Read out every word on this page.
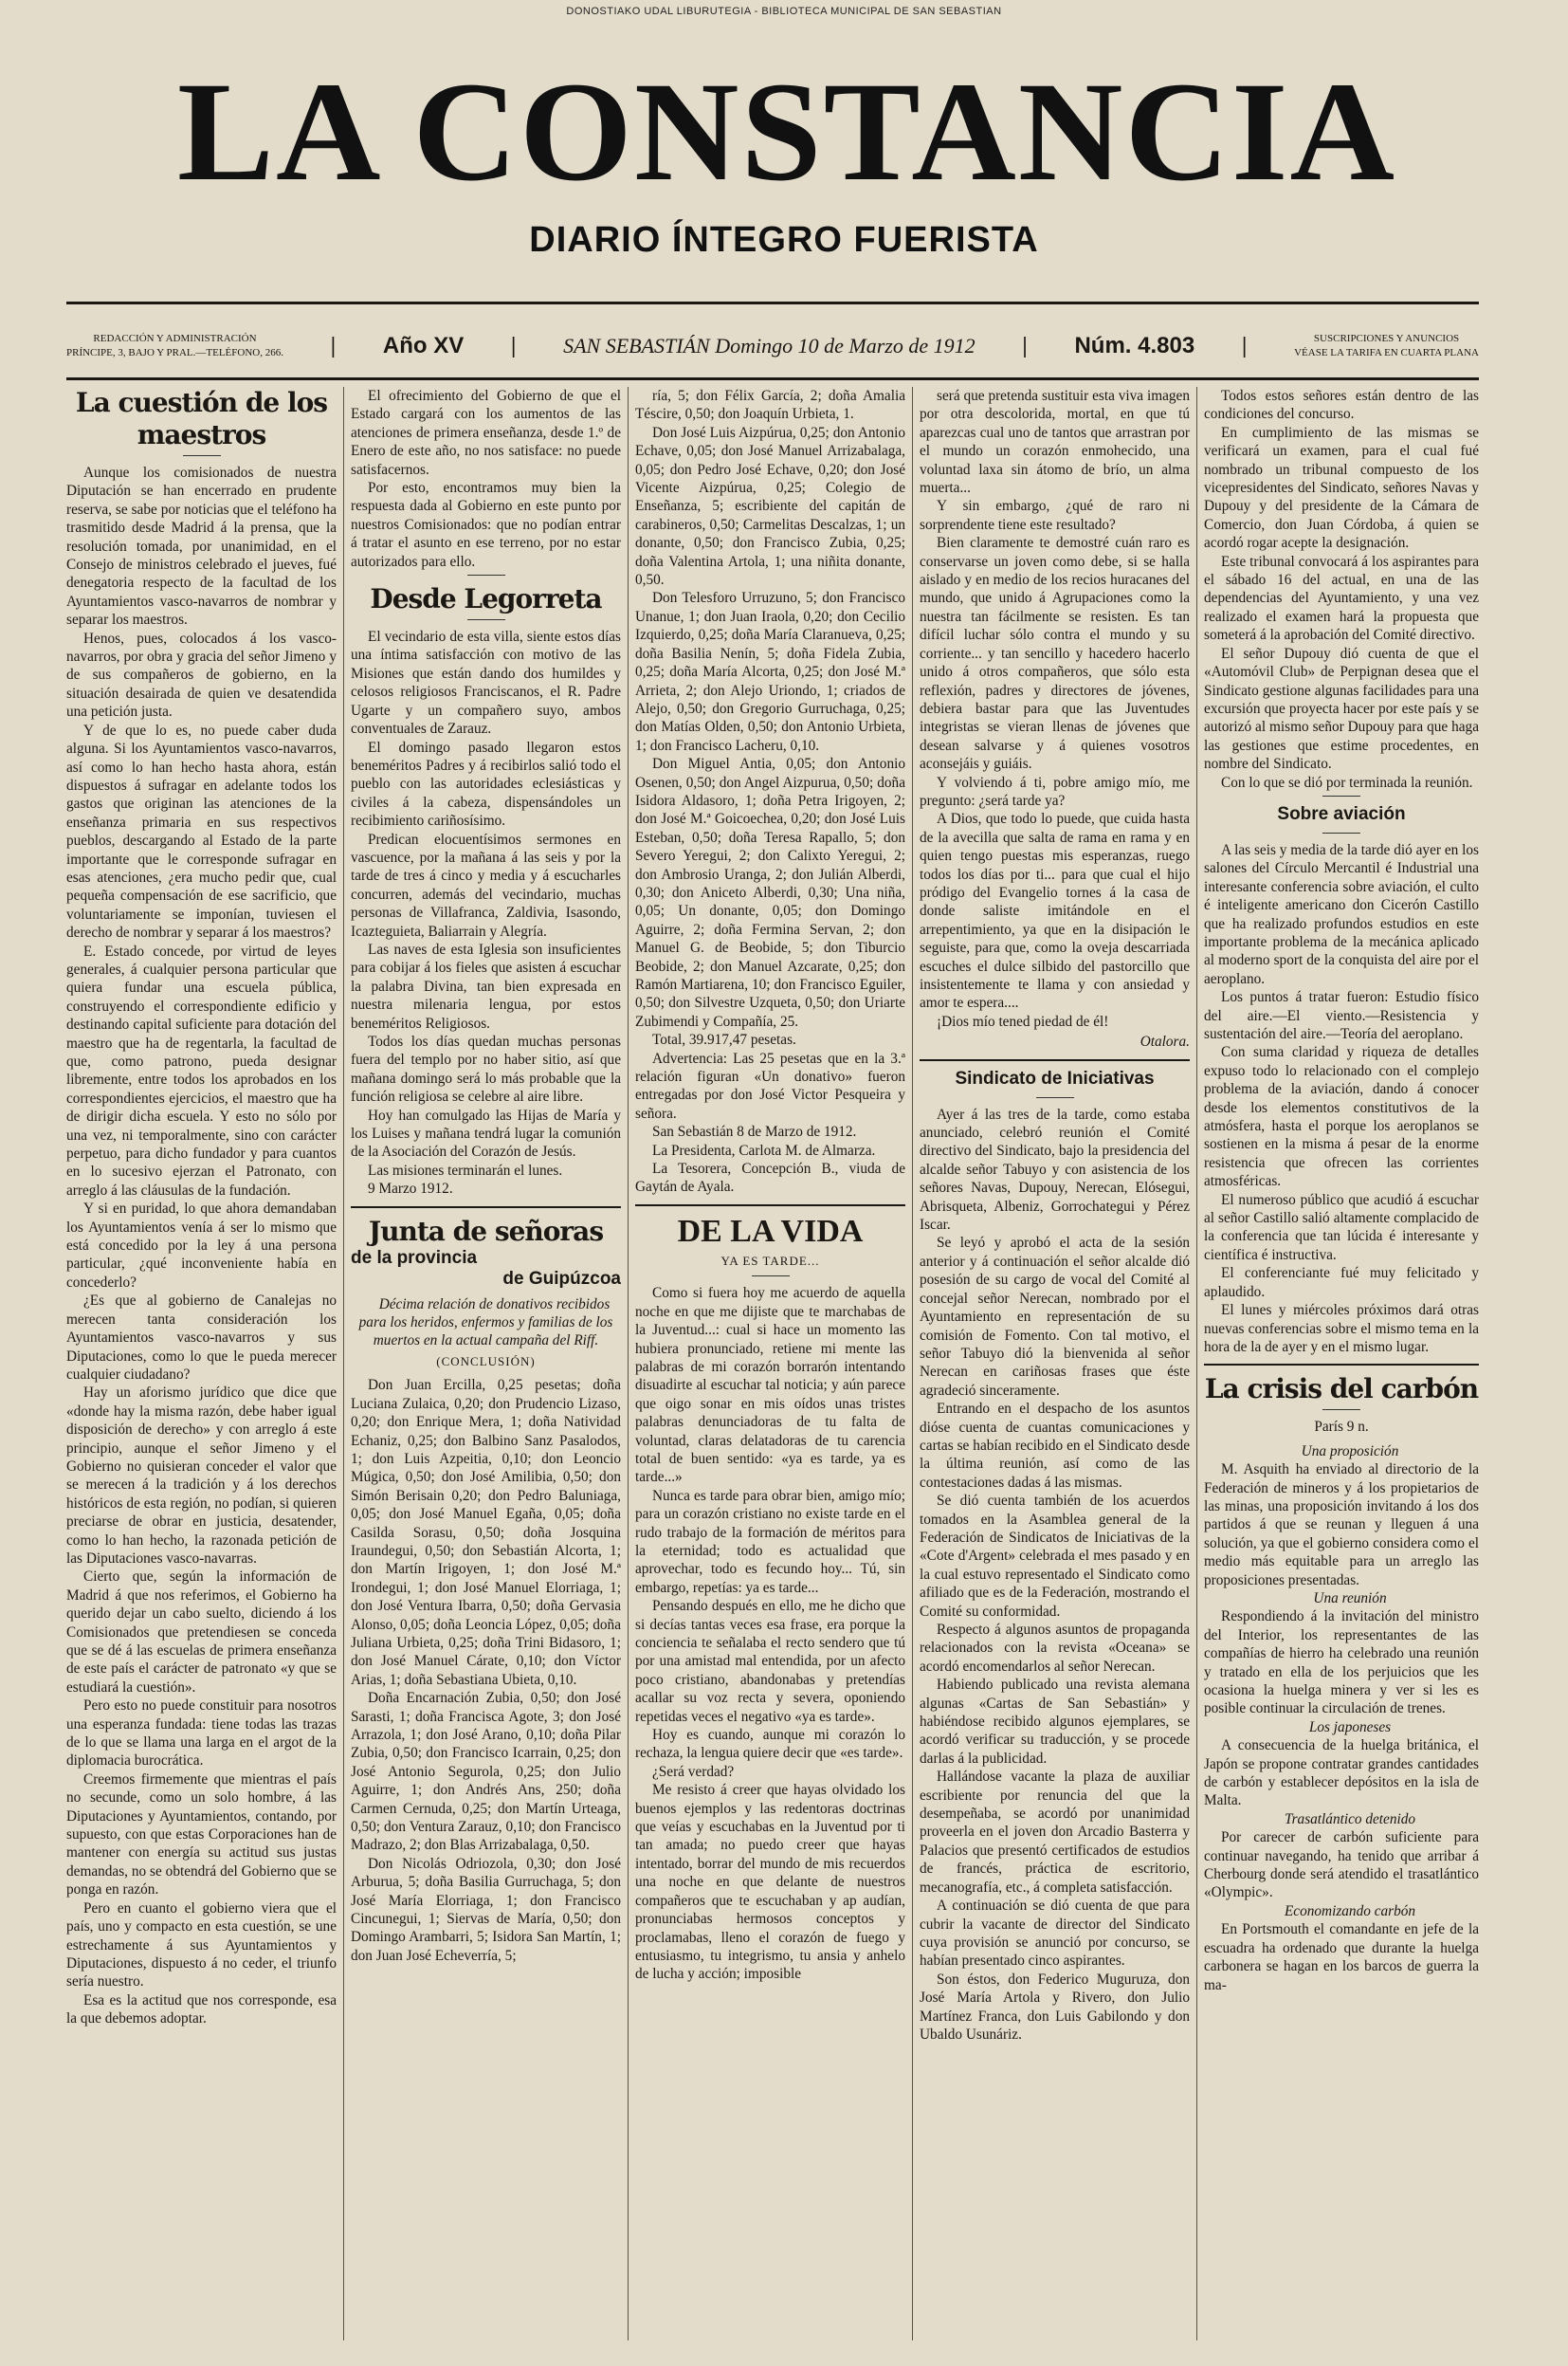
DONOSTIAKO UDAL LIBURUTEGIA - BIBLIOTECA MUNICIPAL DE SAN SEBASTIAN
LA CONSTANCIA
DIARIO ÍNTEGRO FUERISTA
REDACCIÓN Y ADMINISTRACIÓN
PRÍNCIPE, 3, BAJO Y PRAL.—TELÉFONO, 266. | Año XV | SAN SEBASTIÁN Domingo 10 de Marzo de 1912 | Núm. 4.803 |	SUSCRIPCIONES Y ANUNCIOS
VÉASE LA TARIFA EN CUARTA PLANA
La cuestión de los maestros

Aunque los comisionados de nuestra Diputación se han encerrado en prudente reserva, se sabe por noticias que el teléfono ha trasmitido desde Madrid á la prensa, que la resolución tomada, por unanimidad, en el Consejo de ministros celebrado el jueves, fué denegatoria respecto de la facultad de los Ayuntamientos vasco-navarros de nombrar y separar los maestros.

Henos, pues, colocados á los vasco-navarros, por obra y gracia del señor Jimeno y de sus compañeros de gobierno, en la situación desairada de quien ve desatendida una petición justa.

Y de que lo es, no puede caber duda alguna. Si los Ayuntamientos vasco-navarros, así como lo han hecho hasta ahora, están dispuestos á sufragar en adelante todos los gastos que originan las atenciones de la enseñanza primaria en sus respectivos pueblos, descargando al Estado de la parte importante que le corresponde sufragar en esas atenciones, ¿era mucho pedir que, cual pequeña compensación de ese sacrificio, que voluntariamente se imponían, tuviesen el derecho de nombrar y separar á los maestros?

E. Estado concede, por virtud de leyes generales, á cualquier persona particular que quiera fundar una escuela pública, construyendo el correspondiente edificio y destinando capital suficiente para dotación del maestro que ha de regentarla, la facultad de que, como patrono, pueda designar libremente, entre todos los aprobados en los correspondientes ejercicios, el maestro que ha de dirigir dicha escuela. Y esto no sólo por una vez, ni temporalmente, sino con carácter perpetuo, para dicho fundador y para cuantos en lo sucesivo ejerzan el Patronato, con arreglo á las cláusulas de la fundación.

Y si en puridad, lo que ahora demandaban los Ayuntamientos venía á ser lo mismo que está concedido por la ley á una persona particular, ¿qué inconveniente había en concederlo?

¿Es que al gobierno de Canalejas no merecen tanta consideración los Ayuntamientos vasco-navarros y sus Diputaciones, como lo que le pueda merecer cualquier ciudadano?

Hay un aforismo jurídico que dice que «donde hay la misma razón, debe haber igual disposición de derecho» y con arreglo á este principio, aunque el señor Jimeno y el Gobierno no quisieran conceder el valor que se merecen á la tradición y á los derechos históricos de esta región, no podían, si quieren preciarse de obrar en justicia, desatender, como lo han hecho, la razonada petición de las Diputaciones vasco-navarras.

Cierto que, según la información de Madrid á que nos referimos, el Gobierno ha querido dejar un cabo suelto, diciendo á los Comisionados que pretendiesen se conceda que se dé á las escuelas de primera enseñanza de este país el carácter de patronato «y que se estudiará la cuestión».

Pero esto no puede constituir para nosotros una esperanza fundada: tiene todas las trazas de lo que se llama una larga en el argot de la diplomacia burocrática.

Creemos firmemente que mientras el país no secunde, como un solo hombre, á las Diputaciones y Ayuntamientos, contando, por supuesto, con que estas Corporaciones han de mantener con energía su actitud sus justas demandas, no se obtendrá del Gobierno que se ponga en razón.

Pero en cuanto el gobierno viera que el país, uno y compacto en esta cuestión, se une estrechamente á sus Ayuntamientos y Diputaciones, dispuesto á no ceder, el triunfo sería nuestro.

Esa es la actitud que nos corresponde, esa la que debemos adoptar.

El ofrecimiento del Gobierno de que el Estado cargará con los aumentos de las atenciones de primera enseñanza, desde 1.º de Enero de este año, no nos satisface: no puede satisfacernos.

Por esto, encontramos muy bien la respuesta dada al Gobierno en este punto por nuestros Comisionados: que no podían entrar á tratar el asunto en ese terreno, por no estar autorizados para ello.

Desde Legorreta

El vecindario de esta villa, siente estos días una íntima satisfacción con motivo de las Misiones que están dando dos humildes y celosos religiosos Franciscanos, el R. Padre Ugarte y un compañero suyo, ambos conventuales de Zarauz.

El domingo pasado llegaron estos beneméritos Padres y á recibirlos salió todo el pueblo con las autoridades eclesiásticas y civiles á la cabeza, dispensándoles un recibimiento cariñosísimo.

Predican elocuentísimos sermones en vascuence, por la mañana á las seis y por la tarde de tres á cinco y media y á escucharles concurren, además del vecindario, muchas personas de Villafranca, Zaldivia, Isasondo, Icazteguieta, Baliarrain y Alegría.

Las naves de esta Iglesia son insuficientes para cobijar á los fieles que asisten á escuchar la palabra Divina, tan bien expresada en nuestra milenaria lengua, por estos beneméritos Religiosos.

Todos los días quedan muchas personas fuera del templo por no haber sitio, así que mañana domingo será lo más probable que la función religiosa se celebre al aire libre.

Hoy han comulgado las Hijas de María y los Luises y mañana tendrá lugar la comunión de la Asociación del Corazón de Jesús.

Las misiones terminarán el lunes.

9 Marzo 1912.

Junta de señoras
de la provincia
de Guipúzcoa

Décima relación de donativos recibidos para los heridos, enfermos y familias de los muertos en la actual campaña del Riff.

(CONCLUSIÓN)

Don Juan Ercilla, 0,25 pesetas; doña Luciana Zulaica, 0,20; don Prudencio Lizaso, 0,20; don Enrique Mera, 1; doña Natividad Echaniz, 0,25; don Balbino Sanz Pasalodos, 1; don Luis Azpeitia, 0,10; don Leoncio Múgica, 0,50; don José Amilibia, 0,50; don Simón Berisain 0,20; don Pedro Baluniaga, 0,05; don José Manuel Egaña, 0,05; doña Casilda Sorasu, 0,50; doña Josquina Iraundegui, 0,50; don Sebastián Alcorta, 1; don Martín Irigoyen, 1; don José M.ª Irondegui, 1; don José Manuel Elorriaga, 1; don José Ventura Ibarra, 0,50; doña Gervasia Alonso, 0,05; doña Leoncia López, 0,05; doña Juliana Urbieta, 0,25; doña Trini Bidasoro, 1; don José Manuel Cárate, 0,10; don Víctor Arias, 1; doña Sebastiana Ubieta, 0,10.

Doña Encarnación Zubia, 0,50; don José Sarasti, 1; doña Francisca Agote, 3; don José Arrazola, 1; don José Arano, 0,10; doña Pilar Zubia, 0,50; don Francisco Icarrain, 0,25; don José Antonio Segurola, 0,25; don Julio Aguirre, 1; don Andrés Ans, 250; doña Carmen Cernuda, 0,25; don Martín Urteaga, 0,50; don Ventura Zarauz, 0,10; don Francisco Madrazo, 2; don Blas Arrizabalaga, 0,50.

Don Nicolás Odriozola, 0,30; don José Arburua, 5; doña Basilia Gurruchaga, 5; don José María Elorriaga, 1; don Francisco Cincunegui, 1; Siervas de María, 0,50; don Domingo Arambarri, 5; Isidora San Martín, 1; don Juan José Echeverría, 5;

ría, 5; don Félix García, 2; doña Amalia Téscire, 0,50; don Joaquín Urbieta, 1.

Don José Luis Aizpúrua, 0,25; don Antonio Echave, 0,05; don José Manuel Arrizabalaga, 0,05; don Pedro José Echave, 0,20; don José Vicente Aizpúrua, 0,25; Colegio de Enseñanza, 5; escribiente del capitán de carabineros, 0,50; Carmelitas Descalzas, 1; un donante, 0,50; don Francisco Zubia, 0,25; doña Valentina Artola, 1; una niñita donante, 0,50.

Don Telesforo Urruzuno, 5; don Francisco Unanue, 1; don Juan Iraola, 0,20; don Cecilio Izquierdo, 0,25; doña María Claranueva, 0,25; doña Basilia Nenín, 5; doña Fidela Zubia, 0,25; doña María Alcorta, 0,25; don José M.ª Arrieta, 2; don Alejo Uriondo, 1; criados de Alejo, 0,50; don Gregorio Gurruchaga, 0,25; don Matías Olden, 0,50; don Antonio Urbieta, 1; don Francisco Lacheru, 0,10.

Don Miguel Antia, 0,05; don Antonio Osenen, 0,50; don Angel Aizpurua, 0,50; doña Isidora Aldasoro, 1; doña Petra Irigoyen, 2; don José M.ª Goicoechea, 0,20; don José Luis Esteban, 0,50; doña Teresa Rapallo, 5; don Severo Yeregui, 2; don Calixto Yeregui, 2; don Ambrosio Uranga, 2; don Julián Alberdi, 0,30; don Aniceto Alberdi, 0,30; Una niña, 0,05; Un donante, 0,05; don Domingo Aguirre, 2; doña Fermina Servan, 2; don Manuel G. de Beobide, 5; don Tiburcio Beobide, 2; don Manuel Azcarate, 0,25; don Ramón Martiarena, 10; don Francisco Eguiler, 0,50; don Silvestre Uzqueta, 0,50; don Uriarte Zubimendi y Compañía, 25.

Total, 39.917,47 pesetas.

Advertencia: Las 25 pesetas que en la 3.ª relación figuran «Un donativo» fueron entregadas por don José Victor Pesqueira y señora.

San Sebastián 8 de Marzo de 1912.

La Presidenta, Carlota M. de Almarza.

La Tesorera, Concepción B., viuda de Gaytán de Ayala.

DE LA VIDA
YA ES TARDE...

Como si fuera hoy me acuerdo de aquella noche en que me dijiste que te marchabas de la Juventud...: cual si hace un momento las hubiera pronunciado, retiene mi mente las palabras de mi corazón borrarón intentando disuadirte al escuchar tal noticia; y aún parece que oigo sonar en mis oídos unas tristes palabras denunciadoras de tu falta de voluntad, claras delatadoras de tu carencia total de buen sentido: «ya es tarde, ya es tarde...»

Nunca es tarde para obrar bien, amigo mío; para un corazón cristiano no existe tarde en el rudo trabajo de la formación de méritos para la eternidad; todo es actualidad que aprovechar, todo es fecundo hoy... Tú, sin embargo, repetías: ya es tarde...

Pensando después en ello, me he dicho que si decías tantas veces esa frase, era porque la conciencia te señalaba el recto sendero que tú por una amistad mal entendida, por un afecto poco cristiano, abandonabas y pretendías acallar su voz recta y severa, oponiendo repetidas veces el negativo «ya es tarde».

Hoy es cuando, aunque mi corazón lo rechaza, la lengua quiere decir que «es tarde».

¿Será verdad?

Me resisto á creer que hayas olvidado los buenos ejemplos y las redentoras doctrinas que veías y escuchabas en la Juventud por ti tan amada; no puedo creer que hayas intentado, borrar del mundo de mis recuerdos una noche en que delante de nuestros compañeros que te escuchaban y ap audían, pronunciabas hermosos conceptos y proclamabas, lleno el corazón de fuego y entusiasmo, tu integrismo, tu ansia y anhelo de lucha y acción; imposible

será que pretenda sustituir esta viva imagen por otra descolorida, mortal, en que tú aparezcas cual uno de tantos que arrastran por el mundo un corazón enmohecido, una voluntad laxa sin átomo de brío, un alma muerta...

Y sin embargo, ¿qué de raro ni sorprendente tiene este resultado?

Bien claramente te demostré cuán raro es conservarse un joven como debe, si se halla aislado y en medio de los recios huracanes del mundo, que unido á Agrupaciones como la nuestra tan fácilmente se resisten. Es tan difícil luchar sólo contra el mundo y su corriente... y tan sencillo y hacedero hacerlo unido á otros compañeros, que sólo esta reflexión, padres y directores de jóvenes, debiera bastar para que las Juventudes integristas se vieran llenas de jóvenes que desean salvarse y á quienes vosotros aconsejáis y guiáis.

Y volviendo á ti, pobre amigo mío, me pregunto: ¿será tarde ya?

A Dios, que todo lo puede, que cuida hasta de la avecilla que salta de rama en rama y en quien tengo puestas mis esperanzas, ruego todos los días por ti... para que cual el hijo pródigo del Evangelio tornes á la casa de donde saliste imitándole en el arrepentimiento, ya que en la disipación le seguiste, para que, como la oveja descarriada escuches el dulce silbido del pastorcillo que insistentemente te llama y con ansiedad y amor te espera....

¡Dios mío tened piedad de él!

Otalora.
Sindicato de Iniciativas

Ayer á las tres de la tarde, como estaba anunciado, celebró reunión el Comité directivo del Sindicato, bajo la presidencia del alcalde señor Tabuyo y con asistencia de los señores Navas, Dupouy, Nerecan, Elósegui, Abrisqueta, Albeniz, Gorrochategui y Pérez Iscar.

Se leyó y aprobó el acta de la sesión anterior y á continuación el señor alcalde dió posesión de su cargo de vocal del Comité al concejal señor Nerecan, nombrado por el Ayuntamiento en representación de su comisión de Fomento. Con tal motivo, el señor Tabuyo dió la bienvenida al señor Nerecan en cariñosas frases que éste agradeció sinceramente.

Entrando en el despacho de los asuntos dióse cuenta de cuantas comunicaciones y cartas se habían recibido en el Sindicato desde la última reunión, así como de las contestaciones dadas á las mismas.

Se dió cuenta también de los acuerdos tomados en la Asamblea general de la Federación de Sindicatos de Iniciativas de la «Cote d'Argent» celebrada el mes pasado y en la cual estuvo representado el Sindicato como afiliado que es de la Federación, mostrando el Comité su conformidad.

Respecto á algunos asuntos de propaganda relacionados con la revista «Oceana» se acordó encomendarlos al señor Nerecan.

Habiendo publicado una revista alemana algunas «Cartas de San Sebastián» y habiéndose recibido algunos ejemplares, se acordó verificar su traducción, y se procede darlas á la publicidad.

Hallándose vacante la plaza de auxiliar escribiente por renuncia del que la desempeñaba, se acordó por unanimidad proveerla en el joven don Arcadio Basterra y Palacios que presentó certificados de estudios de francés, práctica de escritorio, mecanografía, etc., á completa satisfacción.

A continuación se dió cuenta de que para cubrir la vacante de director del Sindicato cuya provisión se anunció por concurso, se habían presentado cinco aspirantes.

Son éstos, don Federico Muguruza, don José María Artola y Rivero, don Julio Martínez Franca, don Luis Gabilondo y don Ubaldo Usunáriz.

Todos estos señores están dentro de las condiciones del concurso.

En cumplimiento de las mismas se verificará un examen, para el cual fué nombrado un tribunal compuesto de los vicepresidentes del Sindicato, señores Navas y Dupouy y del presidente de la Cámara de Comercio, don Juan Córdoba, á quien se acordó rogar acepte la designación.

Este tribunal convocará á los aspirantes para el sábado 16 del actual, en una de las dependencias del Ayuntamiento, y una vez realizado el examen hará la propuesta que someterá á la aprobación del Comité directivo.

El señor Dupouy dió cuenta de que el «Automóvil Club» de Perpignan desea que el Sindicato gestione algunas facilidades para una excursión que proyecta hacer por este país y se autorizó al mismo señor Dupouy para que haga las gestiones que estime procedentes, en nombre del Sindicato.

Con lo que se dió por terminada la reunión.

Sobre aviación

A las seis y media de la tarde dió ayer en los salones del Círculo Mercantil é Industrial una interesante conferencia sobre aviación, el culto é inteligente americano don Cicerón Castillo que ha realizado profundos estudios en este importante problema de la mecánica aplicado al moderno sport de la conquista del aire por el aeroplano.

Los puntos á tratar fueron: Estudio físico del aire.—El viento.—Resistencia y sustentación del aire.—Teoría del aeroplano.

Con suma claridad y riqueza de detalles expuso todo lo relacionado con el complejo problema de la aviación, dando á conocer desde los elementos constitutivos de la atmósfera, hasta el porque los aeroplanos se sostienen en la misma á pesar de la enorme resistencia que ofrecen las corrientes atmosféricas.

El numeroso público que acudió á escuchar al señor Castillo salió altamente complacido de la conferencia que tan lúcida é interesante y científica é instructiva.

El conferenciante fué muy felicitado y aplaudido.

El lunes y miércoles próximos dará otras nuevas conferencias sobre el mismo tema en la hora de la de ayer y en el mismo lugar.

La crisis del carbón
París 9 n.

Una proposición

M. Asquith ha enviado al directorio de la Federación de mineros y á los propietarios de las minas, una proposición invitando á los dos partidos á que se reunan y lleguen á una solución, ya que el gobierno considera como el medio más equitable para un arreglo las proposiciones presentadas.

Una reunión

Respondiendo á la invitación del ministro del Interior, los representantes de las compañías de hierro ha celebrado una reunión y tratado en ella de los perjuicios que les ocasiona la huelga minera y ver si les es posible continuar la circulación de trenes.

Los japoneses

A consecuencia de la huelga británica, el Japón se propone contratar grandes cantidades de carbón y establecer depósitos en la isla de Malta.

Trasatlántico detenido

Por carecer de carbón suficiente para continuar navegando, ha tenido que arribar á Cherbourg donde será atendido el trasatlántico «Olympic».

Economizando carbón

En Portsmouth el comandante en jefe de la escuadra ha ordenado que durante la huelga carbonera se hagan en los barcos de guerra la ma-
